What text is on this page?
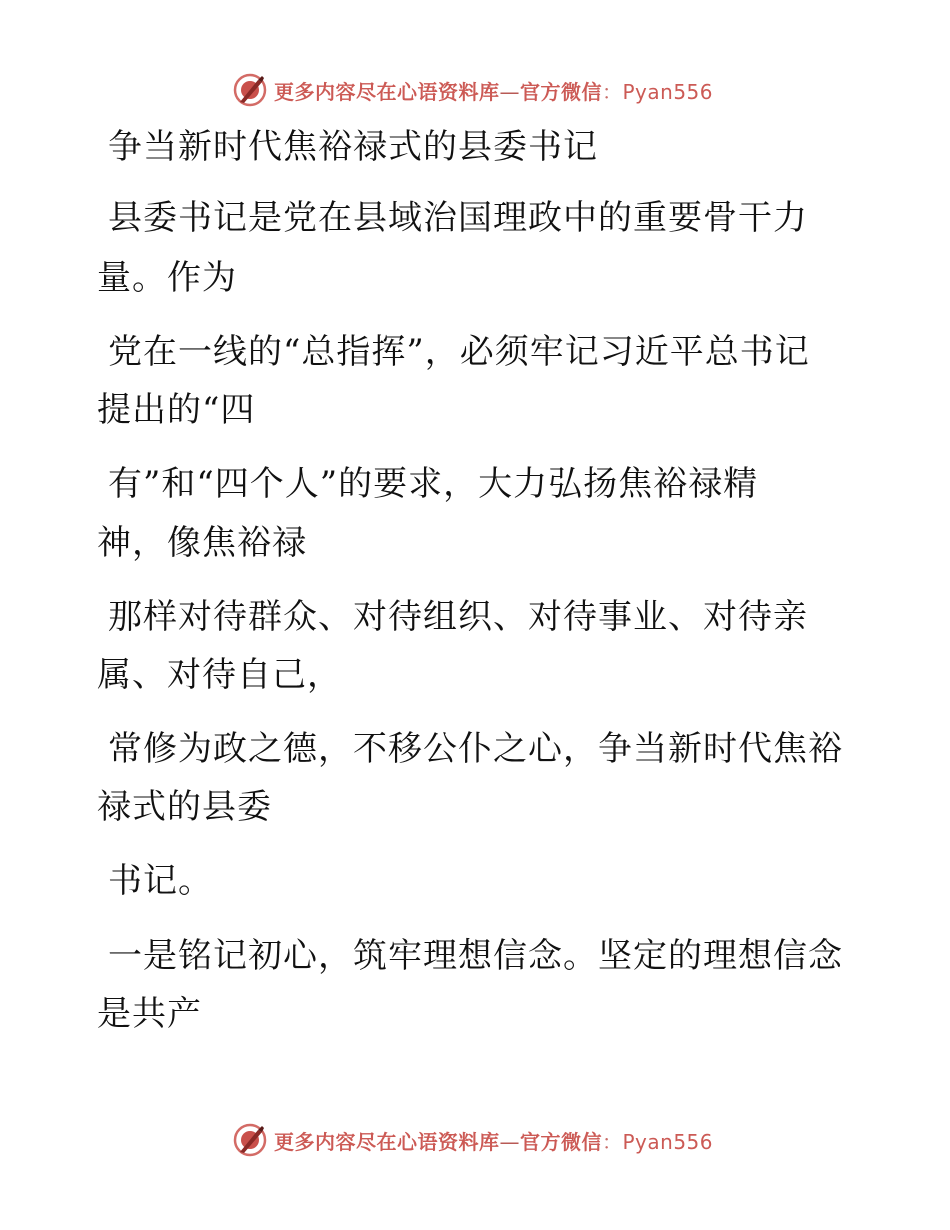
更多内容尽在心语资料库—官方微信：Pyan556
争当新时代焦裕禄式的县委书记
县委书记是党在县域治国理政中的重要骨干力
量。作为
党在一线的“总指挥”，必须牢记习近平总书记
提出的“四
有”和“四个人”的要求，大力弘扬焦裕禄精
神，像焦裕禄
那样对待群众、对待组织、对待事业、对待亲
属、对待自己，
常修为政之德，不移公仆之心，争当新时代焦裕
禄式的县委
书记。
一是铭记初心，筑牢理想信念。坚定的理想信念
是共产
更多内容尽在心语资料库—官方微信：Pyan556
